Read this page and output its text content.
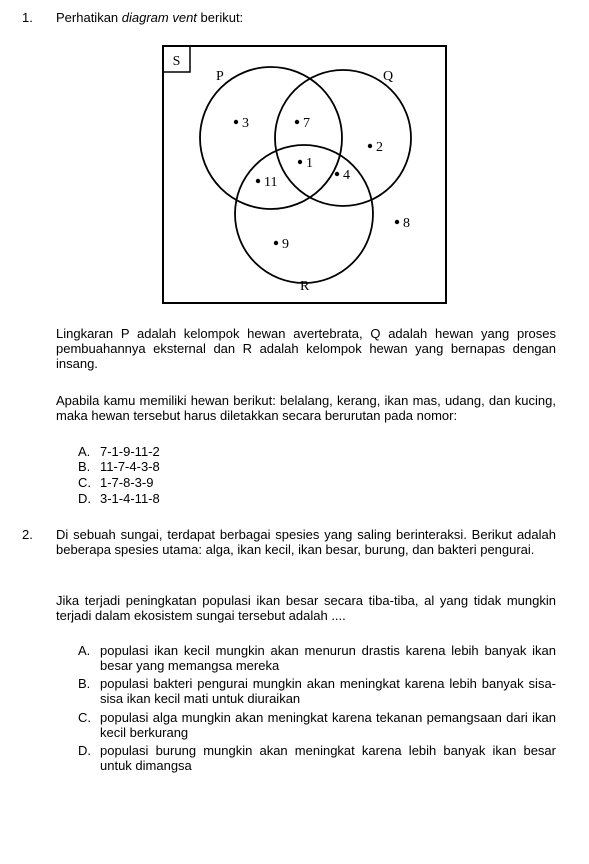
1. Perhatikan diagram vent berikut:
S
P	Q
R
3	7
2
1
4
11
8
9
Lingkaran P adalah kelompok hewan avertebrata, Q adalah hewan yang proses pembuahannya eksternal dan R adalah kelompok hewan yang bernapas dengan insang.
Apabila kamu memiliki hewan berikut: belalang, kerang, ikan mas, udang, dan kucing, maka hewan tersebut harus diletakkan secara berurutan pada nomor:
A. 7-1-9-11-2
B. 11-7-4-3-8
C. 1-7-8-3-9
D. 3-1-4-11-8
2. Di sebuah sungai, terdapat berbagai spesies yang saling berinteraksi. Berikut adalah beberapa spesies utama: alga, ikan kecil, ikan besar, burung, dan bakteri pengurai.
Jika terjadi peningkatan populasi ikan besar secara tiba-tiba, al yang tidak mungkin terjadi dalam ekosistem sungai tersebut adalah ....
A. populasi ikan kecil mungkin akan menurun drastis karena lebih banyak ikan besar yang memangsa mereka
B. populasi bakteri pengurai mungkin akan meningkat karena lebih banyak sisa-sisa ikan kecil mati untuk diuraikan
C. populasi alga mungkin akan meningkat karena tekanan pemangsaan dari ikan kecil berkurang
D. populasi burung mungkin akan meningkat karena lebih banyak ikan besar untuk dimangsa
